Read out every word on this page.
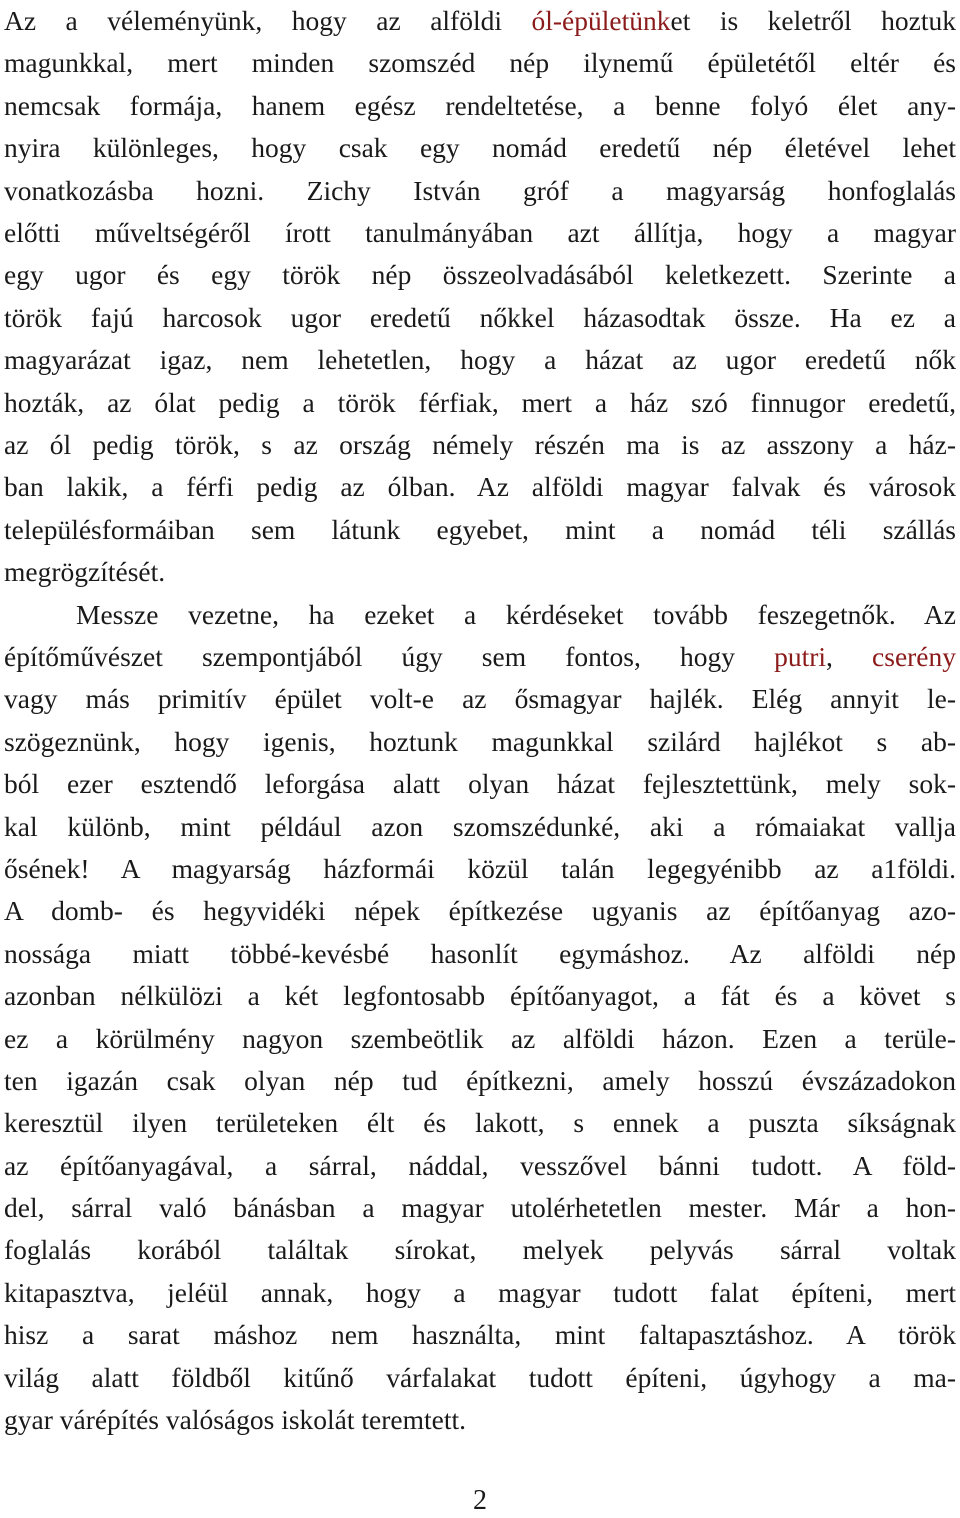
Az a véleményünk, hogy az alföldi ól-épületünket is keletről hoztuk
magunkkal, mert minden szomszéd nép ilynemű épületétől eltér és
nemcsak formája, hanem egész rendeltetése, a benne folyó élet any-
nyira különleges, hogy csak egy nomád eredetű nép életével lehet
vonatkozásba hozni. Zichy István gróf a magyarság honfoglalás
előtti műveltségéről írott tanulmányában azt állítja, hogy a magyar
egy ugor és egy török nép összeolvadásából keletkezett. Szerinte a
török fajú harcosok ugor eredetű nőkkel házasodtak össze. Ha ez a
magyarázat igaz, nem lehetetlen, hogy a házat az ugor eredetű nők
hozták, az ólat pedig a török férfiak, mert a ház szó finnugor eredetű,
az ól pedig török, s az ország némely részén ma is az asszony a ház-
ban lakik, a férfi pedig az ólban. Az alföldi magyar falvak és városok
településformáiban sem látunk egyebet, mint a nomád téli szállás
megrögzítését.
Messze vezetne, ha ezeket a kérdéseket tovább feszegetnők. Az
építőművészet szempontjából úgy sem fontos, hogy putri, cserény
vagy más primitív épület volt-e az ősmagyar hajlék. Elég annyit le-
szögeznünk, hogy igenis, hoztunk magunkkal szilárd hajlékot s ab-
ból ezer esztendő leforgása alatt olyan házat fejlesztettünk, mely sok-
kal különb, mint például azon szomszédunké, aki a rómaiakat vallja
ősének! A magyarság házformái közül talán legegyénibb az a1földi.
A domb- és hegyvidéki népek építkezése ugyanis az építőanyag azo-
nossága miatt többé-kevésbé hasonlít egymáshoz. Az alföldi nép
azonban nélkülözi a két legfontosabb építőanyagot, a fát és a követ s
ez a körülmény nagyon szembeötlik az alföldi házon. Ezen a terüle-
ten igazán csak olyan nép tud építkezni, amely hosszú évszázadokon
keresztül ilyen területeken élt és lakott, s ennek a puszta síkságnak
az építőanyagával, a sárral, náddal, vesszővel bánni tudott. A föld-
del, sárral való bánásban a magyar utolérhetetlen mester. Már a hon-
foglalás korából találtak sírokat, melyek pelyvás sárral voltak
kitapasztva, jeléül annak, hogy a magyar tudott falat építeni, mert
hisz a sarat máshoz nem használta, mint faltapasztáshoz. A török
világ alatt földből kitűnő várfalakat tudott építeni, úgyhogy a ma-
gyar várépítés valóságos iskolát teremtett.
2
